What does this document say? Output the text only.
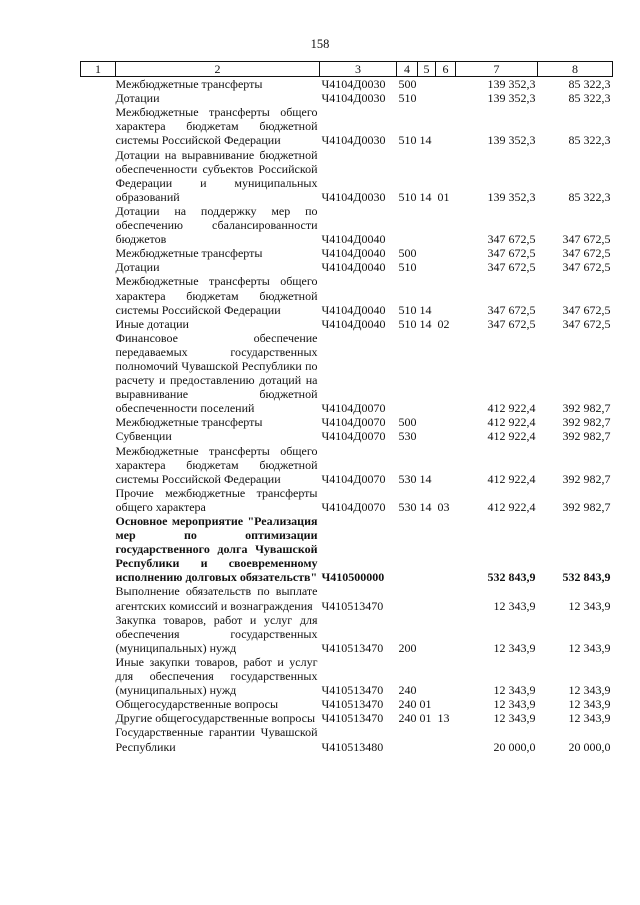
158
1	2	3	4	5	6	7	8
	Межбюджетные трансферты	Ч4104Д0030	500			139 352,3	85 322,3
	Дотации	Ч4104Д0030	510			139 352,3	85 322,3
	Межбюджетные трансферты общего характера бюджетам бюджетной системы Российской Федерации	Ч4104Д0030	510	14		139 352,3	85 322,3
	Дотации на выравнивание бюджетной обеспеченности субъектов Российской Федерации и муниципальных образований	Ч4104Д0030	510	14	01	139 352,3	85 322,3
	Дотации на поддержку мер по обеспечению сбалансированности бюджетов	Ч4104Д0040				347 672,5	347 672,5
	Межбюджетные трансферты	Ч4104Д0040	500			347 672,5	347 672,5
	Дотации	Ч4104Д0040	510			347 672,5	347 672,5
	Межбюджетные трансферты общего характера бюджетам бюджетной системы Российской Федерации	Ч4104Д0040	510	14		347 672,5	347 672,5
	Иные дотации	Ч4104Д0040	510	14	02	347 672,5	347 672,5
	Финансовое обеспечение передаваемых государственных полномочий Чувашской Республики по расчету и предоставлению дотаций на выравнивание бюджетной обеспеченности поселений	Ч4104Д0070				412 922,4	392 982,7
	Межбюджетные трансферты	Ч4104Д0070	500			412 922,4	392 982,7
	Субвенции	Ч4104Д0070	530			412 922,4	392 982,7
	Межбюджетные трансферты общего характера бюджетам бюджетной системы Российской Федерации	Ч4104Д0070	530	14		412 922,4	392 982,7
	Прочие межбюджетные трансферты общего характера	Ч4104Д0070	530	14	03	412 922,4	392 982,7
	Основное мероприятие "Реализация мер по оптимизации государственного долга Чувашской Республики и своевременному исполнению долговых обязательств"	Ч410500000				532 843,9	532 843,9
	Выполнение обязательств по выплате агентских комиссий и вознаграждения	Ч410513470				12 343,9	12 343,9
	Закупка товаров, работ и услуг для обеспечения государственных (муниципальных) нужд	Ч410513470	200			12 343,9	12 343,9
	Иные закупки товаров, работ и услуг для обеспечения государственных (муниципальных) нужд	Ч410513470	240			12 343,9	12 343,9
	Общегосударственные вопросы	Ч410513470	240	01		12 343,9	12 343,9
	Другие общегосударственные вопросы	Ч410513470	240	01	13	12 343,9	12 343,9
	Государственные гарантии Чувашской Республики	Ч410513480				20 000,0	20 000,0
